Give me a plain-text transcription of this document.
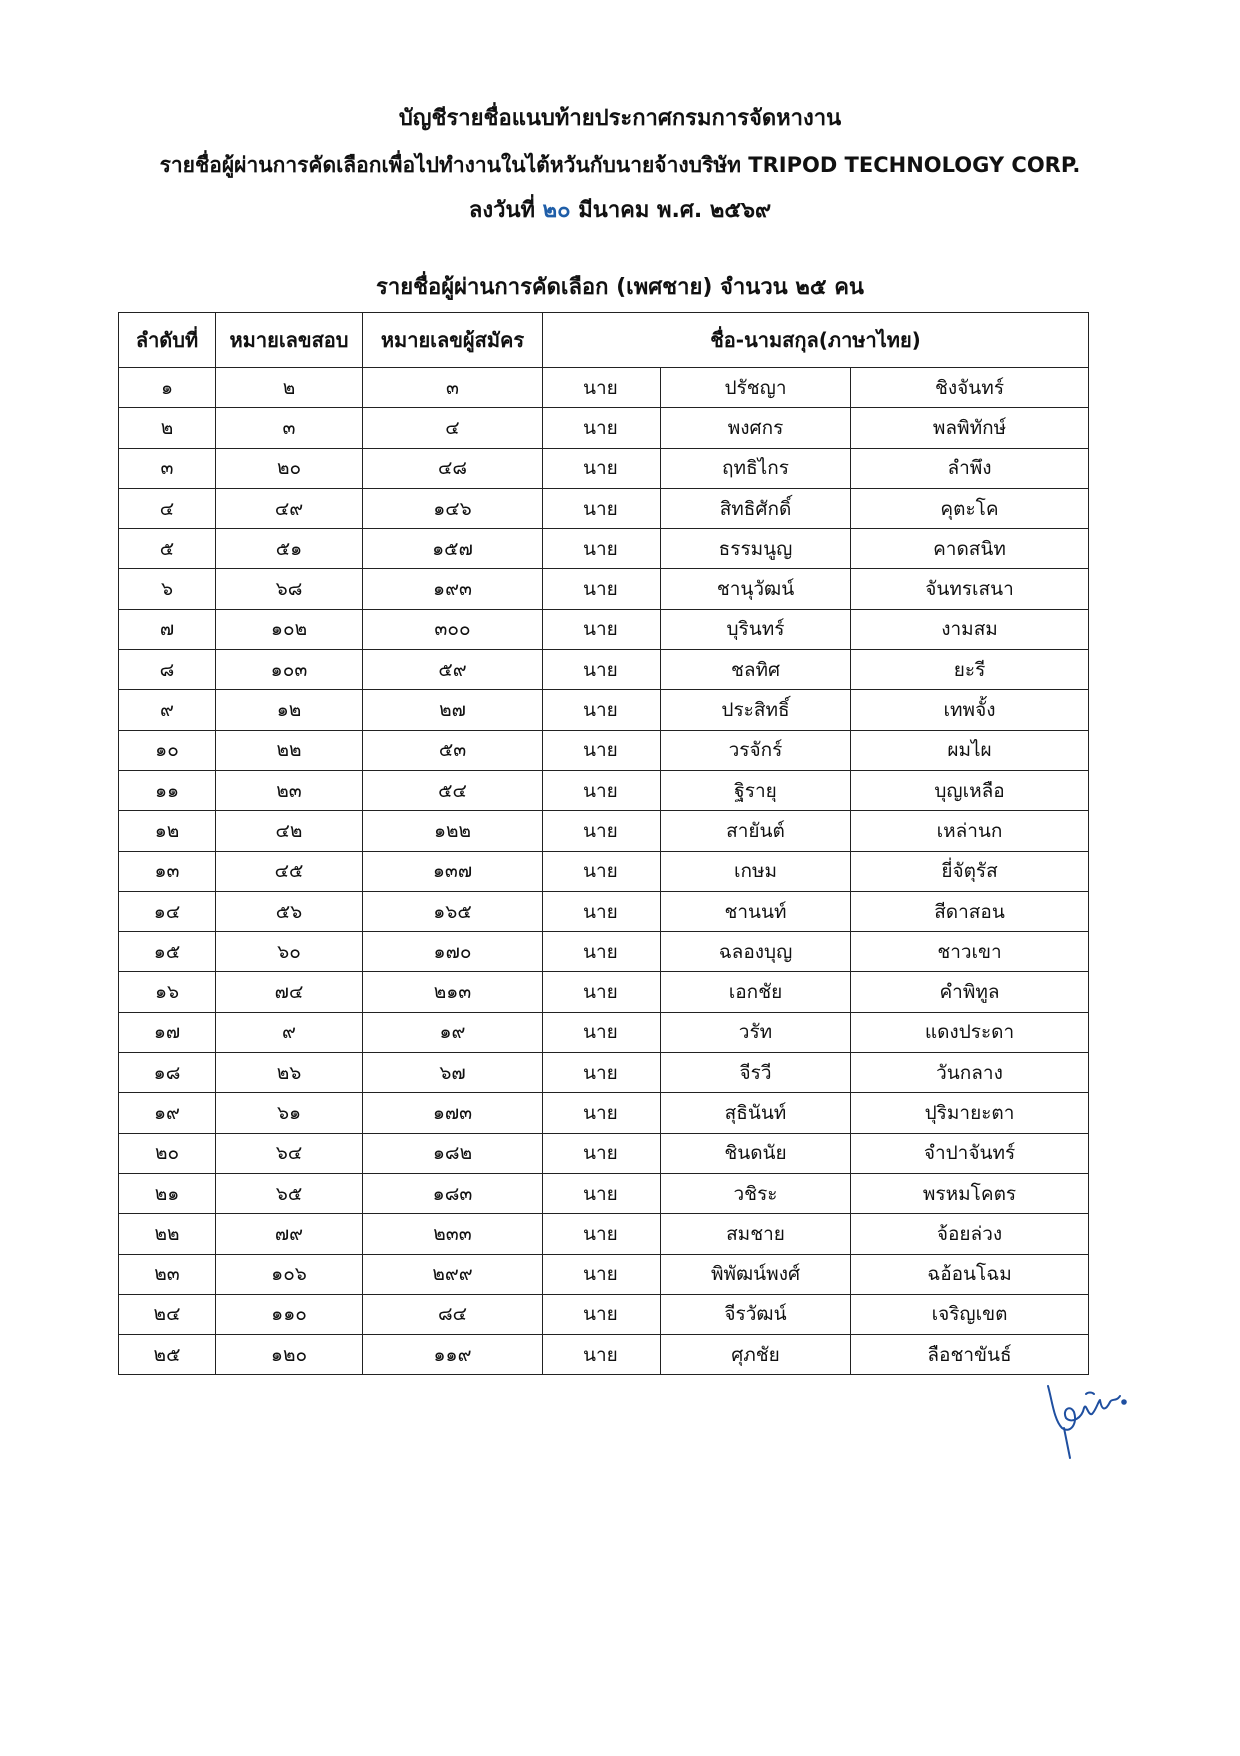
บัญชีรายชื่อแนบท้ายประกาศกรมการจัดหางาน
รายชื่อผู้ผ่านการคัดเลือกเพื่อไปทำงานในไต้หวันกับนายจ้างบริษัท TRIPOD TECHNOLOGY CORP.
ลงวันที่ ๒๐ มีนาคม พ.ศ. ๒๕๖๙
รายชื่อผู้ผ่านการคัดเลือก (เพศชาย) จำนวน ๒๕ คน
ลำดับที่	หมายเลขสอบ	หมายเลขผู้สมัคร	ชื่อ-นามสกุล(ภาษาไทย)		
๑	๒	๓	นาย	ปรัชญา	ชิงจันทร์
๒	๓	๔	นาย	พงศกร	พลพิทักษ์
๓	๒๐	๔๘	นาย	ฤทธิไกร	ลำพึง
๔	๔๙	๑๔๖	นาย	สิทธิศักดิ์	คุตะโค
๕	๕๑	๑๕๗	นาย	ธรรมนูญ	คาดสนิท
๖	๖๘	๑๙๓	นาย	ชานุวัฒน์	จันทรเสนา
๗	๑๐๒	๓๐๐	นาย	บุรินทร์	งามสม
๘	๑๐๓	๕๙	นาย	ชลทิศ	ยะรี
๙	๑๒	๒๗	นาย	ประสิทธิ์	เทพจั้ง
๑๐	๒๒	๕๓	นาย	วรจักร์	ผมไผ
๑๑	๒๓	๕๔	นาย	ฐิรายุ	บุญเหลือ
๑๒	๔๒	๑๒๒	นาย	สายันต์	เหล่านก
๑๓	๔๕	๑๓๗	นาย	เกษม	ยี่จัตุรัส
๑๔	๕๖	๑๖๕	นาย	ชานนท์	สีดาสอน
๑๕	๖๐	๑๗๐	นาย	ฉลองบุญ	ชาวเขา
๑๖	๗๔	๒๑๓	นาย	เอกชัย	คำพิทูล
๑๗	๙	๑๙	นาย	วรัท	แดงประดา
๑๘	๒๖	๖๗	นาย	จีรวี	วันกลาง
๑๙	๖๑	๑๗๓	นาย	สุธินันท์	ปุริมายะตา
๒๐	๖๔	๑๘๒	นาย	ชินดนัย	จำปาจันทร์
๒๑	๖๕	๑๘๓	นาย	วชิระ	พรหมโคตร
๒๒	๗๙	๒๓๓	นาย	สมชาย	จ้อยล่วง
๒๓	๑๐๖	๒๙๙	นาย	พิพัฒน์พงศ์	ฉอ้อนโฉม
๒๔	๑๑๐	๘๔	นาย	จีรวัฒน์	เจริญเขต
๒๕	๑๒๐	๑๑๙	นาย	ศุภชัย	ลือชาขันธ์
